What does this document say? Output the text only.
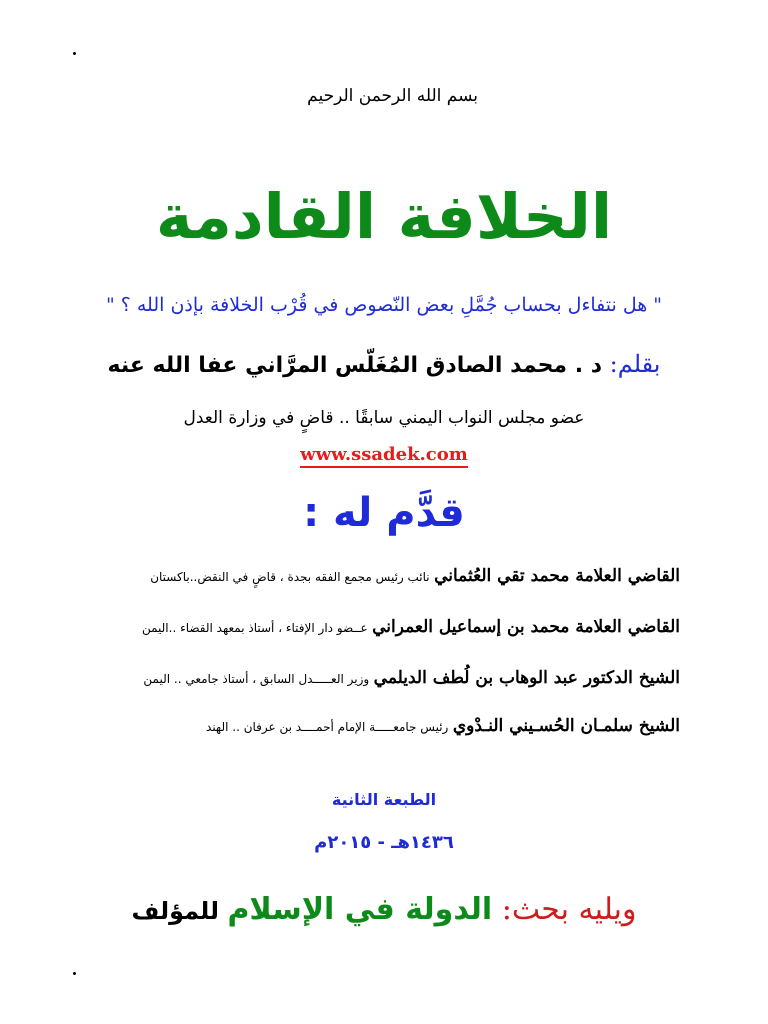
بسم الله الرحمن الرحيم
الخلافة القادمة
" هل نتفاءل بحساب جُمَّلِ بعض النّصوص في قُرْب الخلافة بإذن الله ؟ "
بقلم: د . محمد الصادق المُغَلّس المرَّاني عفا الله عنه
عضو مجلس النواب اليمني سابقًا .. قاضٍ في وزارة العدل
www.ssadek.com
قدَّم له :
القاضي العلامة محمد تقي العُثماني نائب رئيس مجمع الفقه بجدة ، قاضٍ في النقض..باكستان
القاضي العلامة محمد بن إسماعيل العمراني عــضو دار الإفتاء ، أستاذ بمعهد القضاء ..اليمن
الشيخ الدكتور عبد الوهاب بن لُطف الديلمي وزير العـــــدل السابق ، أستاذ جامعي .. اليمن
الشيخ سلمـان الحُسـيني النـدْوي رئيس جامعـــــة الإمام أحمــــد بن عرفان .. الهند
الطبعة الثانية
١٤٣٦هـ - ٢٠١٥م
ويليه بحث: الدولة في الإسلام للمؤلف
